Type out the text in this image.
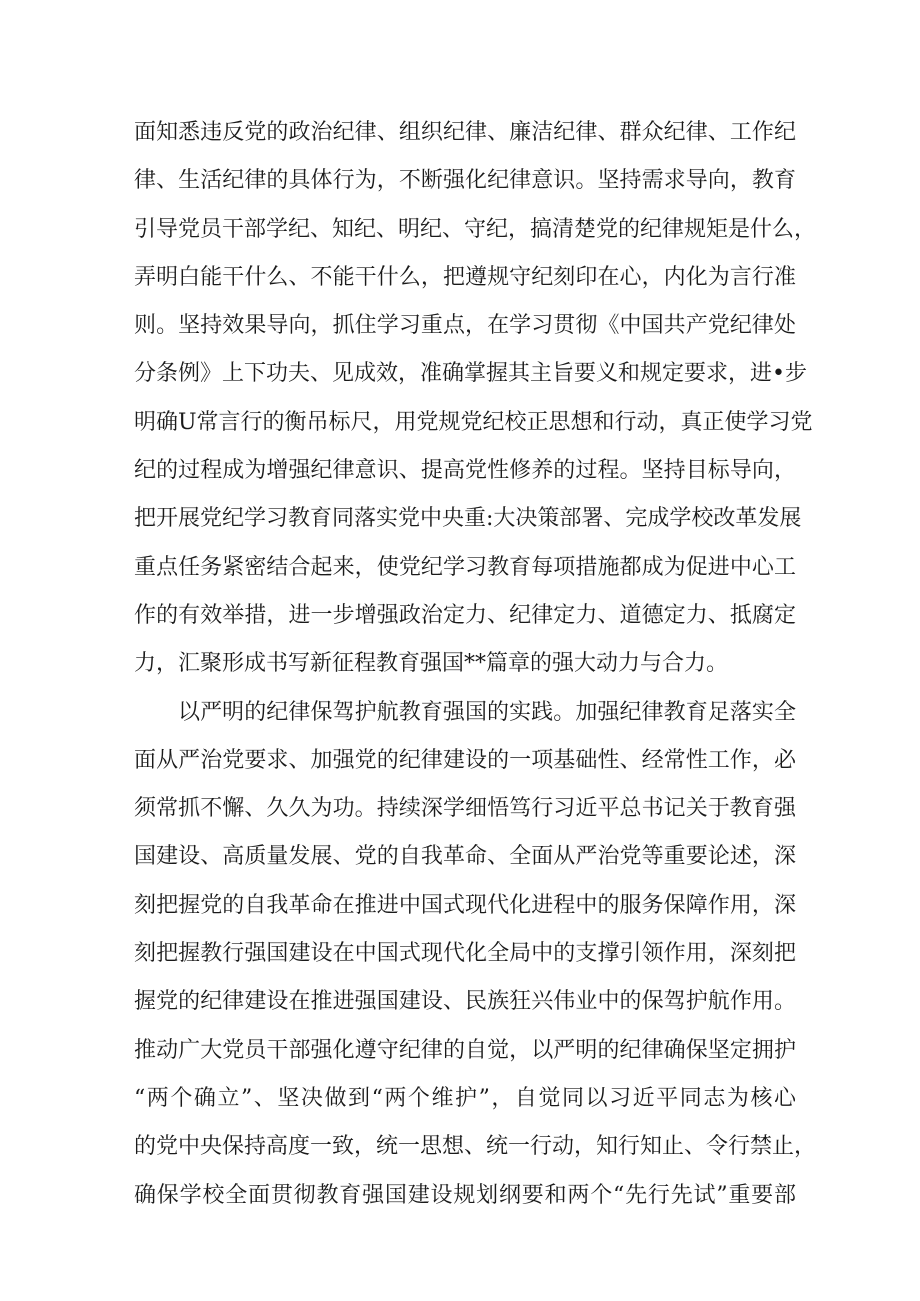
面知悉违反党的政治纪律、组织纪律、廉洁纪律、群众纪律、工作纪
律、生活纪律的具体行为，不断强化纪律意识。坚持需求导向，教育
引导党员干部学纪、知纪、明纪、守纪，搞清楚党的纪律规矩是什么，
弄明白能干什么、不能干什么，把遵规守纪刻印在心，内化为言行准
则。坚持效果导向，抓住学习重点，在学习贯彻《中国共产党纪律处
分条例》上下功夫、见成效，准确掌握其主旨要义和规定要求，进•步
明确U常言行的衡吊标尺，用党规党纪校正思想和行动，真正使学习党
纪的过程成为增强纪律意识、提高党性修养的过程。坚持目标导向，
把开展党纪学习教育同落实党中央重:大决策部署、完成学校改革发展
重点任务紧密结合起来，使党纪学习教育每项措施都成为促进中心工
作的有效举措，进一步增强政治定力、纪律定力、道德定力、抵腐定
力，汇聚形成书写新征程教育强国**篇章的强大动力与合力。
以严明的纪律保驾护航教育强国的实践。加强纪律教育足落实全
面从严治党要求、加强党的纪律建设的一项基础性、经常性工作，必
须常抓不懈、久久为功。持续深学细悟笃行习近平总书记关于教育强
国建设、高质量发展、党的自我革命、全面从严治党等重要论述，深
刻把握党的自我革命在推进中国式现代化进程中的服务保障作用，深
刻把握教行强国建设在中国式现代化全局中的支撑引领作用，深刻把
握党的纪律建设在推进强国建设、民族狂兴伟业中的保驾护航作用。
推动广大党员干部强化遵守纪律的自觉，以严明的纪律确保坚定拥护
“两个确立”、坚决做到“两个维护”，自觉同以习近平同志为核心
的党中央保持高度一致，统一思想、统一行动，知行知止、令行禁止，
确保学校全面贯彻教育强国建设规划纲要和两个“先行先试”重要部
